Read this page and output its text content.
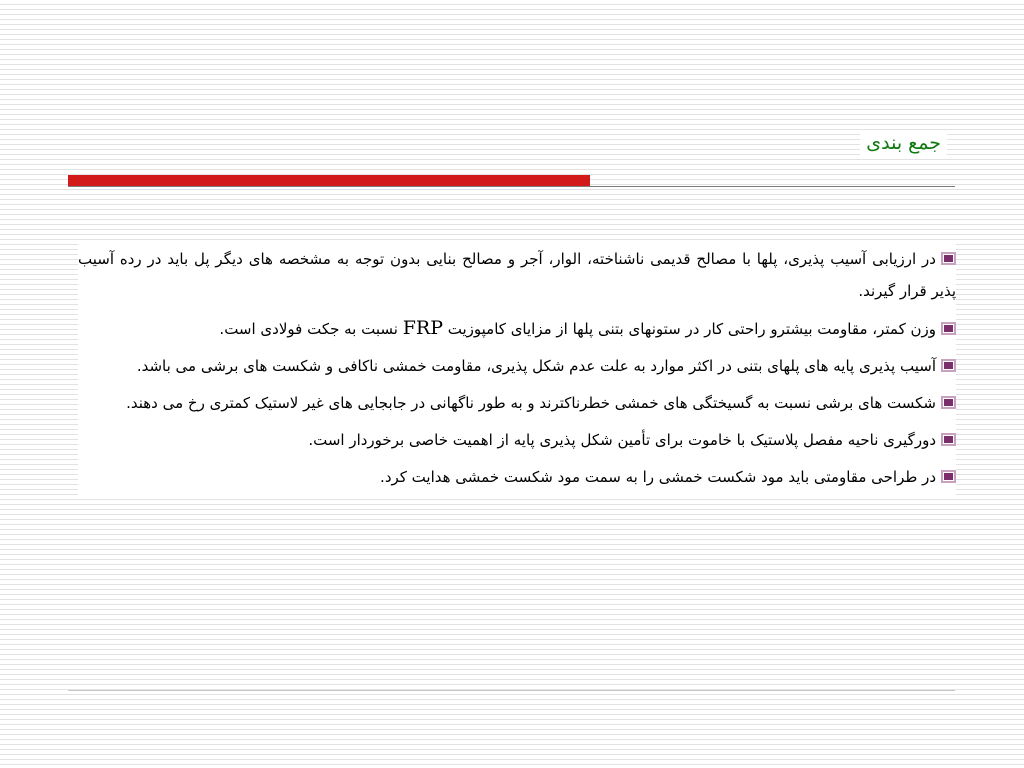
جمع بندی
در ارزیابی آسیب پذیری، پلها با مصالح قدیمی ناشناخته، الوار، آجر و مصالح بنایی بدون توجه به مشخصه های دیگر پل باید در رده آسیب پذیر قرار گیرند.
وزن کمتر، مقاومت بیشترو راحتی کار در ستونهای بتنی پلها از مزایای کامپوزیت FRP نسبت به جکت فولادی است.
آسیب پذیری پایه های پلهای بتنی در اکثر موارد به علت عدم شکل پذیری، مقاومت خمشی ناکافی و شکست های برشی می باشد.
شکست های برشی نسبت به گسیختگی های خمشی خطرناکترند و به طور ناگهانی در جابجایی های غیر لاستیک کمتری رخ می دهند.
دورگیری ناحیه مفصل پلاستیک با خاموت برای تأمین شکل پذیری پایه از اهمیت خاصی برخوردار است.
در طراحی مقاومتی باید مود شکست خمشی را به سمت مود شکست خمشی هدایت کرد.
